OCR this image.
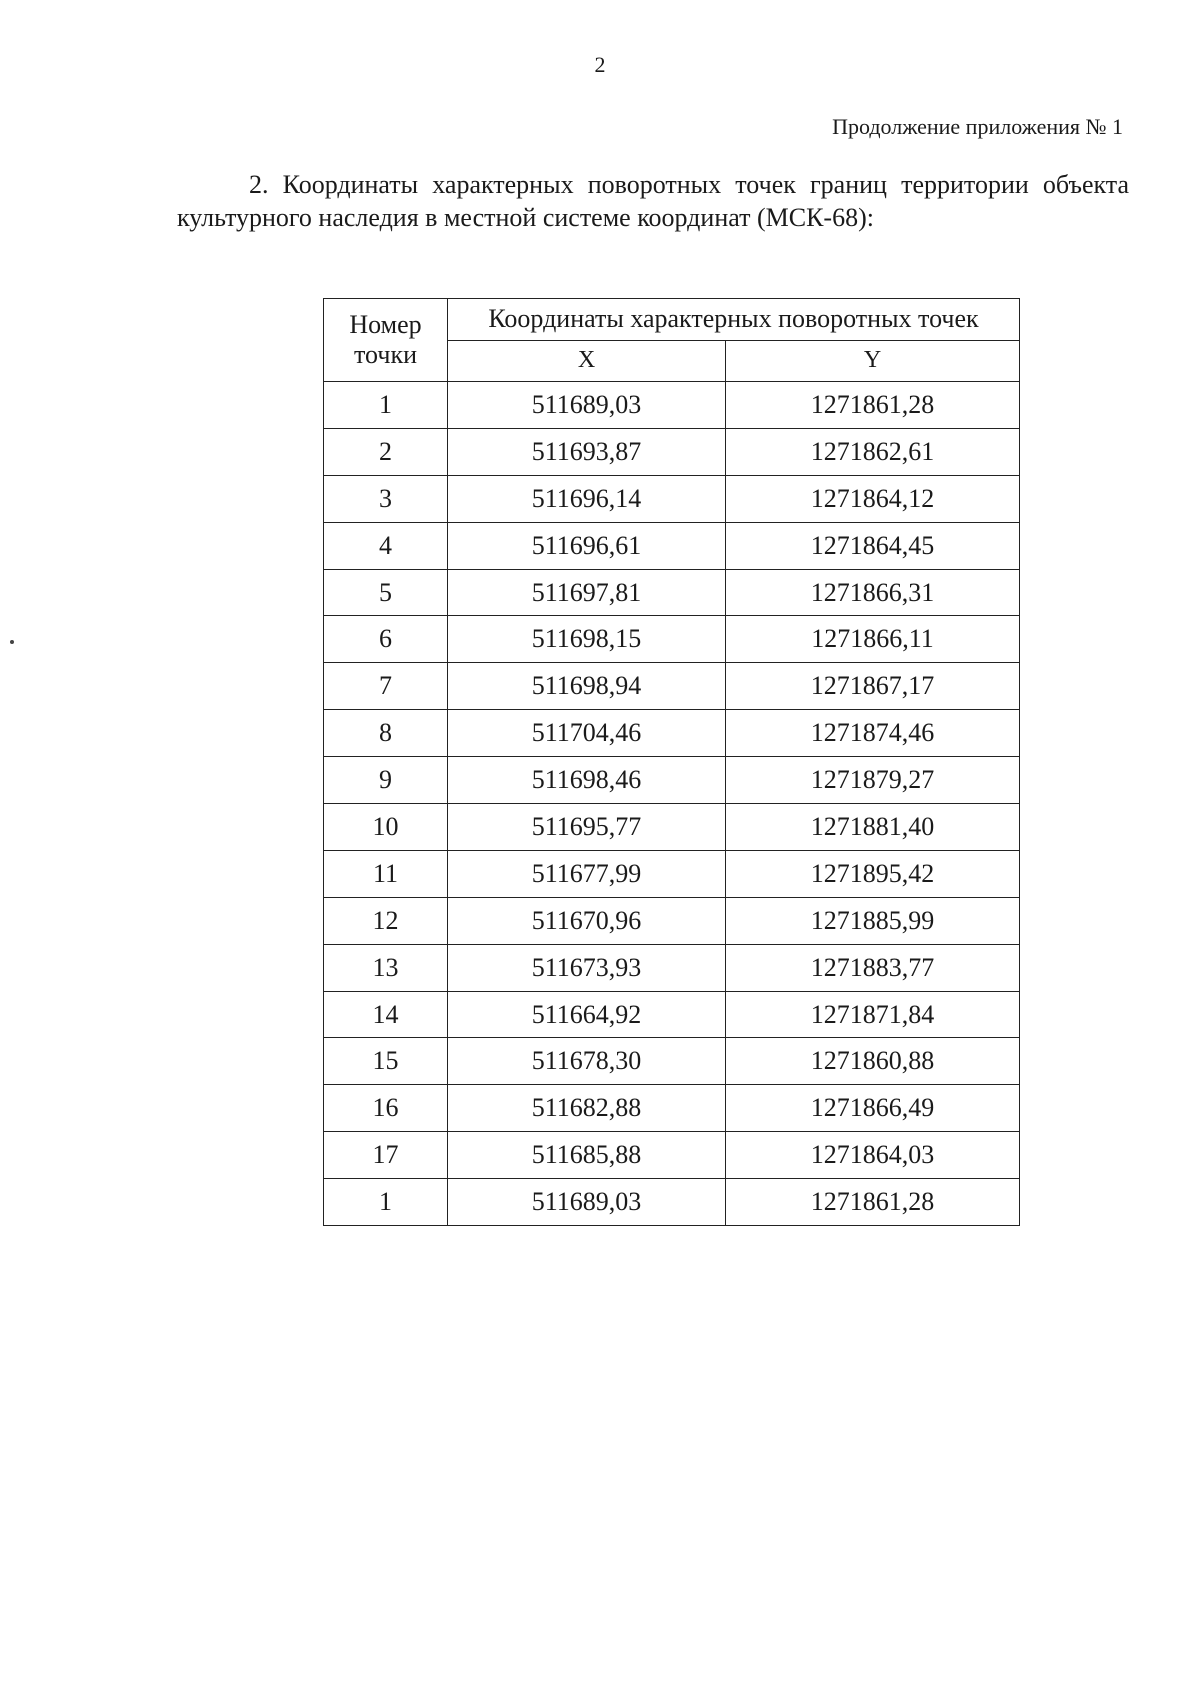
2
Продолжение приложения № 1

2. Координаты характерных поворотных точек границ территории объекта культурного наследия в местной системе координат (МСК-68):

Номер точки	Координаты характерных поворотных точек	
	X	Y
1	511689,03	1271861,28
2	511693,87	1271862,61
3	511696,14	1271864,12
4	511696,61	1271864,45
5	511697,81	1271866,31
6	511698,15	1271866,11
7	511698,94	1271867,17
8	511704,46	1271874,46
9	511698,46	1271879,27
10	511695,77	1271881,40
11	511677,99	1271895,42
12	511670,96	1271885,99
13	511673,93	1271883,77
14	511664,92	1271871,84
15	511678,30	1271860,88
16	511682,88	1271866,49
17	511685,88	1271864,03
1	511689,03	1271861,28
